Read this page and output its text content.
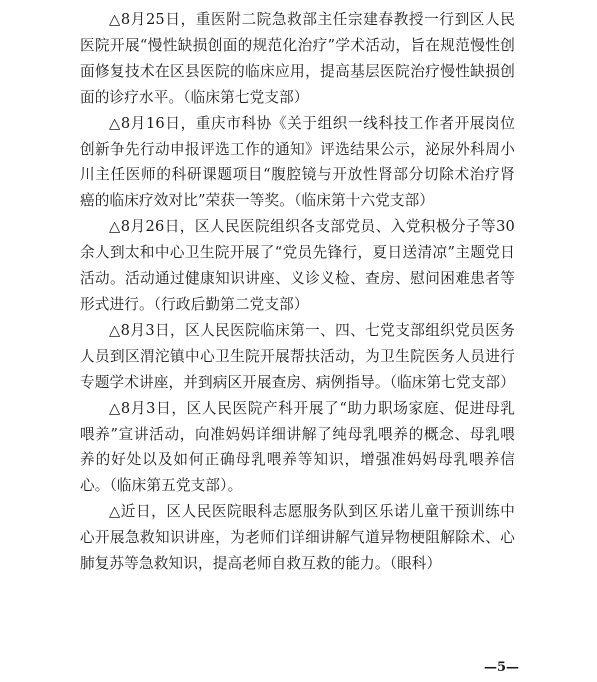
△8月25日，重医附二院急救部主任宗建春教授一行到区人民医院开展“慢性缺损创面的规范化治疗”学术活动，旨在规范慢性创面修复技术在区县医院的临床应用，提高基层医院治疗慢性缺损创面的诊疗水平。（临床第七党支部）

△8月16日，重庆市科协《关于组织一线科技工作者开展岗位创新争先行动申报评选工作的通知》评选结果公示，泌尿外科周小川主任医师的科研课题项目“腹腔镜与开放性肾部分切除术治疗肾癌的临床疗效对比”荣获一等奖。（临床第十六党支部）

△8月26日，区人民医院组织各支部党员、入党积极分子等30余人到太和中心卫生院开展了“党员先锋行，夏日送清凉”主题党日活动。活动通过健康知识讲座、义诊义检、查房、慰问困难患者等形式进行。（行政后勤第二党支部）

△8月3日，区人民医院临床第一、四、七党支部组织党员医务人员到区渭沱镇中心卫生院开展帮扶活动，为卫生院医务人员进行专题学术讲座，并到病区开展查房、病例指导。（临床第七党支部）

△8月3日，区人民医院产科开展了“助力职场家庭、促进母乳喂养”宣讲活动，向准妈妈详细讲解了纯母乳喂养的概念、母乳喂养的好处以及如何正确母乳喂养等知识，增强准妈妈母乳喂养信心。（临床第五党支部）。

△近日，区人民医院眼科志愿服务队到区乐诺儿童干预训练中心开展急救知识讲座，为老师们详细讲解气道异物梗阻解除术、心肺复苏等急救知识，提高老师自救互救的能力。（眼科）

—5—
